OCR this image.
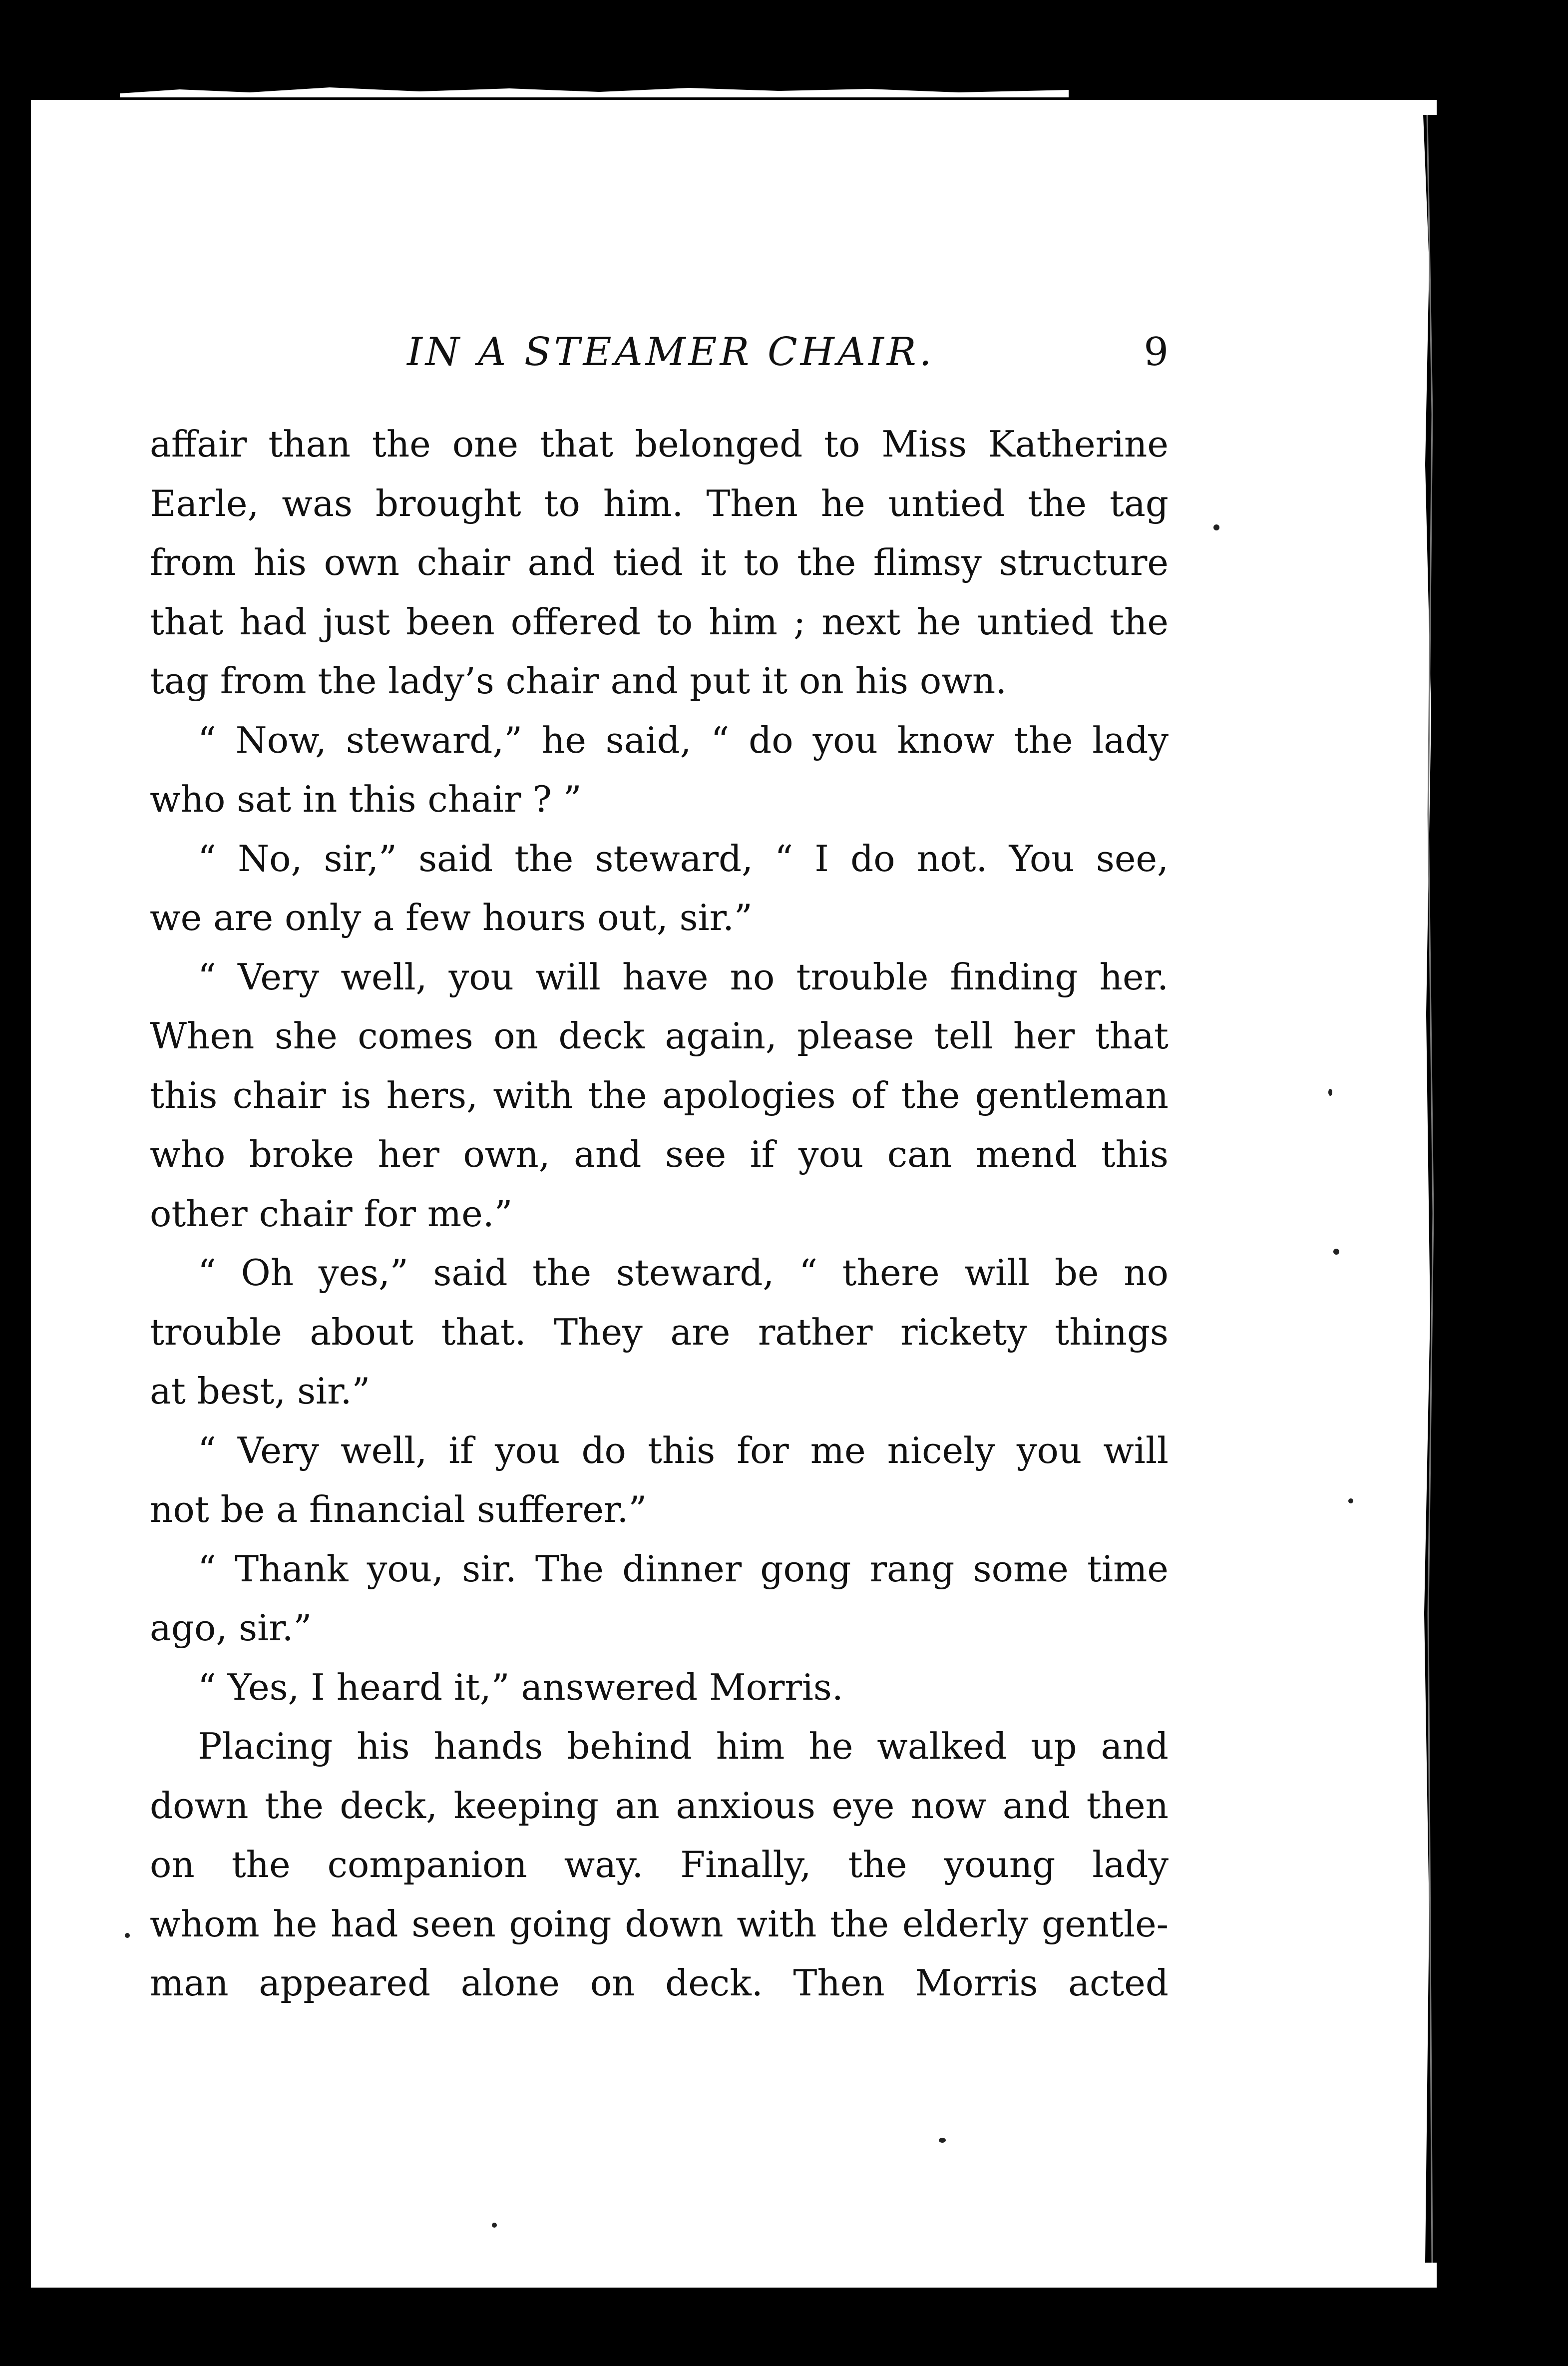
IN A STEAMER CHAIR.	9
affair than the one that belonged to Miss Katherine
Earle, was brought to him. Then he untied the tag
from his own chair and tied it to the flimsy structure
that had just been offered to him ; next he untied the
tag from the lady’s chair and put it on his own.
“ Now, steward,” he said, “ do you know the lady
who sat in this chair ? ”
“ No, sir,” said the steward, “ I do not. You see,
we are only a few hours out, sir.”
“ Very well, you will have no trouble finding her.
When she comes on deck again, please tell her that
this chair is hers, with the apologies of the gentleman
who broke her own, and see if you can mend this
other chair for me.”
“ Oh yes,” said the steward, “ there will be no
trouble about that. They are rather rickety things
at best, sir.”
“ Very well, if you do this for me nicely you will
not be a financial sufferer.”
“ Thank you, sir. The dinner gong rang some time
ago, sir.”
“ Yes, I heard it,” answered Morris.
Placing his hands behind him he walked up and
down the deck, keeping an anxious eye now and then
on the companion way. Finally, the young lady
whom he had seen going down with the elderly gentle-
man appeared alone on deck. Then Morris acted
